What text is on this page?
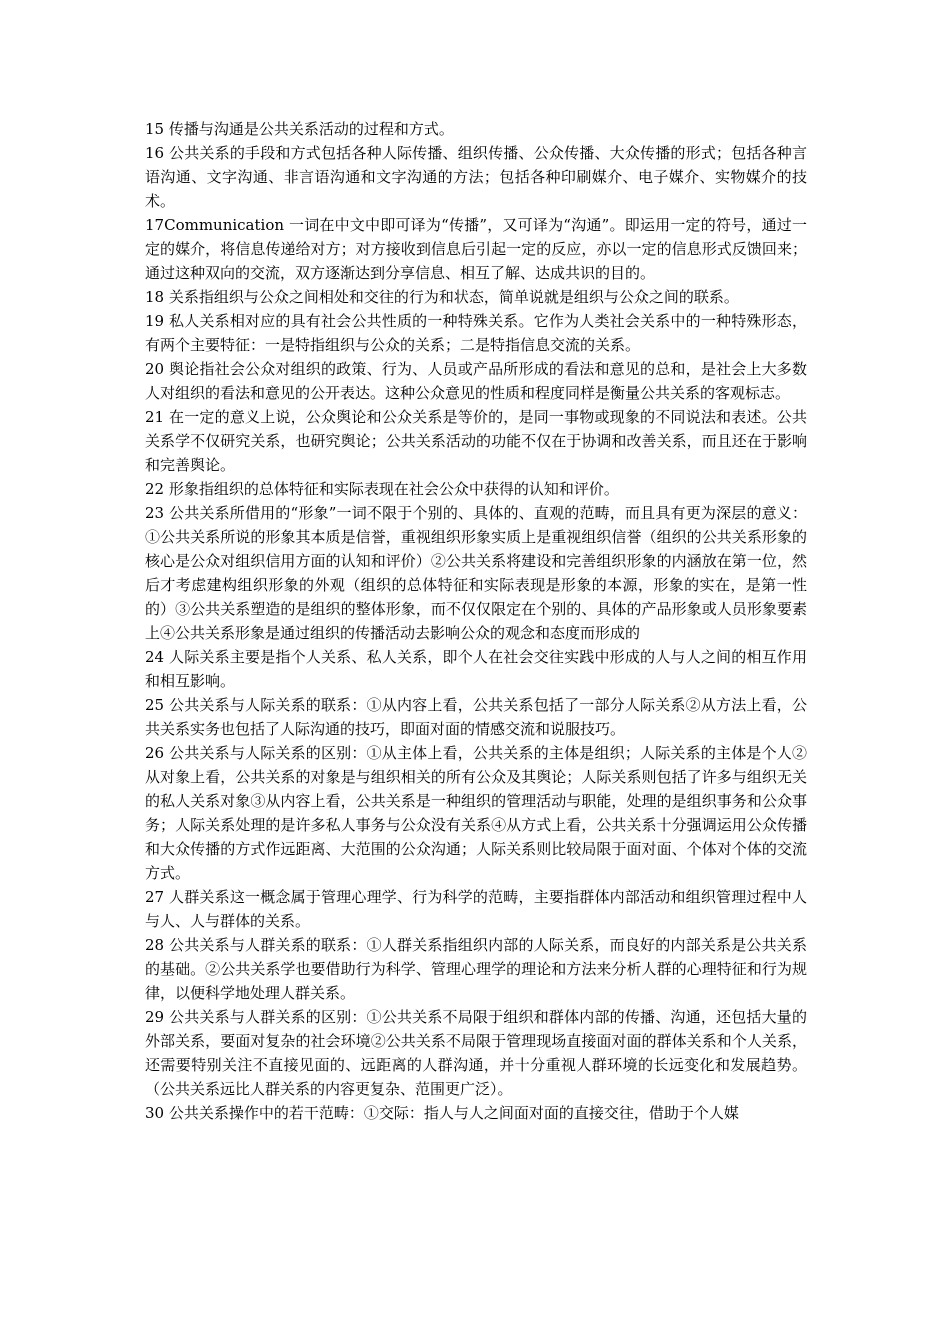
15 传播与沟通是公共关系活动的过程和方式。

16 公共关系的手段和方式包括各种人际传播、组织传播、公众传播、大众传播的形式；包括各种言语沟通、文字沟通、非言语沟通和文字沟通的方法；包括各种印刷媒介、电子媒介、实物媒介的技术。

17Communication 一词在中文中即可译为“传播”，又可译为“沟通”。即运用一定的符号，通过一定的媒介，将信息传递给对方；对方接收到信息后引起一定的反应，亦以一定的信息形式反馈回来；通过这种双向的交流，双方逐渐达到分享信息、相互了解、达成共识的目的。

18 关系指组织与公众之间相处和交往的行为和状态，简单说就是组织与公众之间的联系。

19 私人关系相对应的具有社会公共性质的一种特殊关系。它作为人类社会关系中的一种特殊形态，有两个主要特征：一是特指组织与公众的关系；二是特指信息交流的关系。

20 舆论指社会公众对组织的政策、行为、人员或产品所形成的看法和意见的总和，是社会上大多数人对组织的看法和意见的公开表达。这种公众意见的性质和程度同样是衡量公共关系的客观标志。

21 在一定的意义上说，公众舆论和公众关系是等价的，是同一事物或现象的不同说法和表述。公共关系学不仅研究关系，也研究舆论；公共关系活动的功能不仅在于协调和改善关系，而且还在于影响和完善舆论。

22 形象指组织的总体特征和实际表现在社会公众中获得的认知和评价。

23 公共关系所借用的“形象”一词不限于个别的、具体的、直观的范畴，而且具有更为深层的意义：①公共关系所说的形象其本质是信誉，重视组织形象实质上是重视组织信誉（组织的公共关系形象的核心是公众对组织信用方面的认知和评价）②公共关系将建设和完善组织形象的内涵放在第一位，然后才考虑建构组织形象的外观（组织的总体特征和实际表现是形象的本源，形象的实在，是第一性的）③公共关系塑造的是组织的整体形象，而不仅仅限定在个别的、具体的产品形象或人员形象要素上④公共关系形象是通过组织的传播活动去影响公众的观念和态度而形成的

24 人际关系主要是指个人关系、私人关系，即个人在社会交往实践中形成的人与人之间的相互作用和相互影响。

25 公共关系与人际关系的联系：①从内容上看，公共关系包括了一部分人际关系②从方法上看，公共关系实务也包括了人际沟通的技巧，即面对面的情感交流和说服技巧。

26 公共关系与人际关系的区别：①从主体上看，公共关系的主体是组织；人际关系的主体是个人②从对象上看，公共关系的对象是与组织相关的所有公众及其舆论；人际关系则包括了许多与组织无关的私人关系对象③从内容上看，公共关系是一种组织的管理活动与职能，处理的是组织事务和公众事务；人际关系处理的是许多私人事务与公众没有关系④从方式上看，公共关系十分强调运用公众传播和大众传播的方式作远距离、大范围的公众沟通；人际关系则比较局限于面对面、个体对个体的交流方式。

27 人群关系这一概念属于管理心理学、行为科学的范畴，主要指群体内部活动和组织管理过程中人与人、人与群体的关系。

28 公共关系与人群关系的联系：①人群关系指组织内部的人际关系，而良好的内部关系是公共关系的基础。②公共关系学也要借助行为科学、管理心理学的理论和方法来分析人群的心理特征和行为规律，以便科学地处理人群关系。

29 公共关系与人群关系的区别：①公共关系不局限于组织和群体内部的传播、沟通，还包括大量的外部关系，要面对复杂的社会环境②公共关系不局限于管理现场直接面对面的群体关系和个人关系，还需要特别关注不直接见面的、远距离的人群沟通，并十分重视人群环境的长远变化和发展趋势。（公共关系远比人群关系的内容更复杂、范围更广泛）。

30 公共关系操作中的若干范畴：①交际：指人与人之间面对面的直接交往，借助于个人媒
